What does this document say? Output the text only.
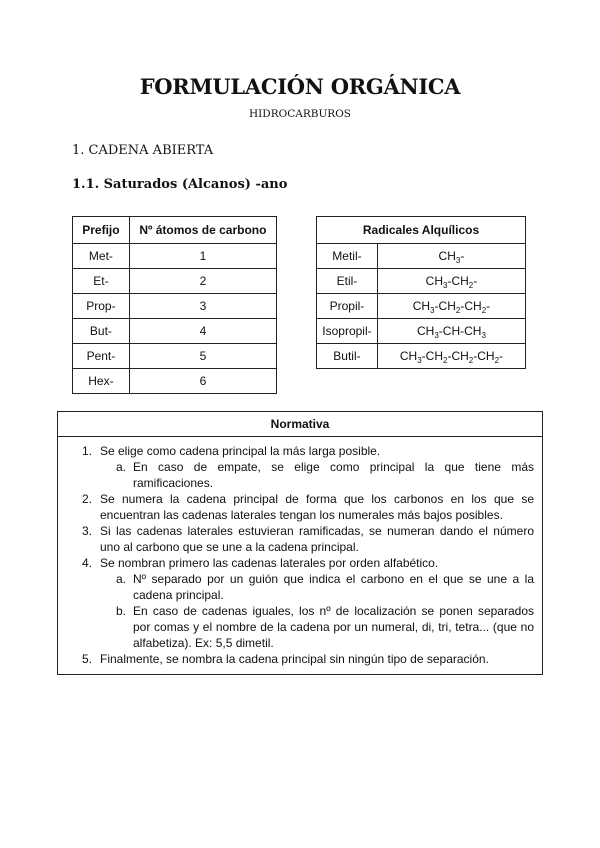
FORMULACIÓN ORGÁNICA
HIDROCARBUROS
1. CADENA ABIERTA
1.1. Saturados (Alcanos) -ano
Prefijo	Nº átomos de carbono
Met-	1
Et-	2
Prop-	3
But-	4
Pent-	5
Hex-	6
Radicales Alquílicos	
Metil-	$CH_3-$
Etil-	$CH_3-CH_2-$
Propil-	$CH_3-CH_2-CH_2-$
Isopropil-	$CH_3-CH-CH_3$
Butil-	$CH_3-CH_2-CH_2-CH_2-$
Normativa
1. Se elige como cadena principal la más larga posible.
a. En caso de empate, se elige como principal la que tiene más ramificaciones.
2. Se numera la cadena principal de forma que los carbonos en los que se encuentran las cadenas laterales tengan los numerales más bajos posibles.
3. Si las cadenas laterales estuvieran ramificadas, se numeran dando el número uno al carbono que se une a la cadena principal.
4. Se nombran primero las cadenas laterales por orden alfabético.
a. Nº separado por un guión que indica el carbono en el que se une a la cadena principal.
b. En caso de cadenas iguales, los nº de localización se ponen separados por comas y el nombre de la cadena por un numeral, di, tri, tetra... (que no alfabetiza). Ex: 5,5 dimetil.
5. Finalmente, se nombra la cadena principal sin ningún tipo de separación.
